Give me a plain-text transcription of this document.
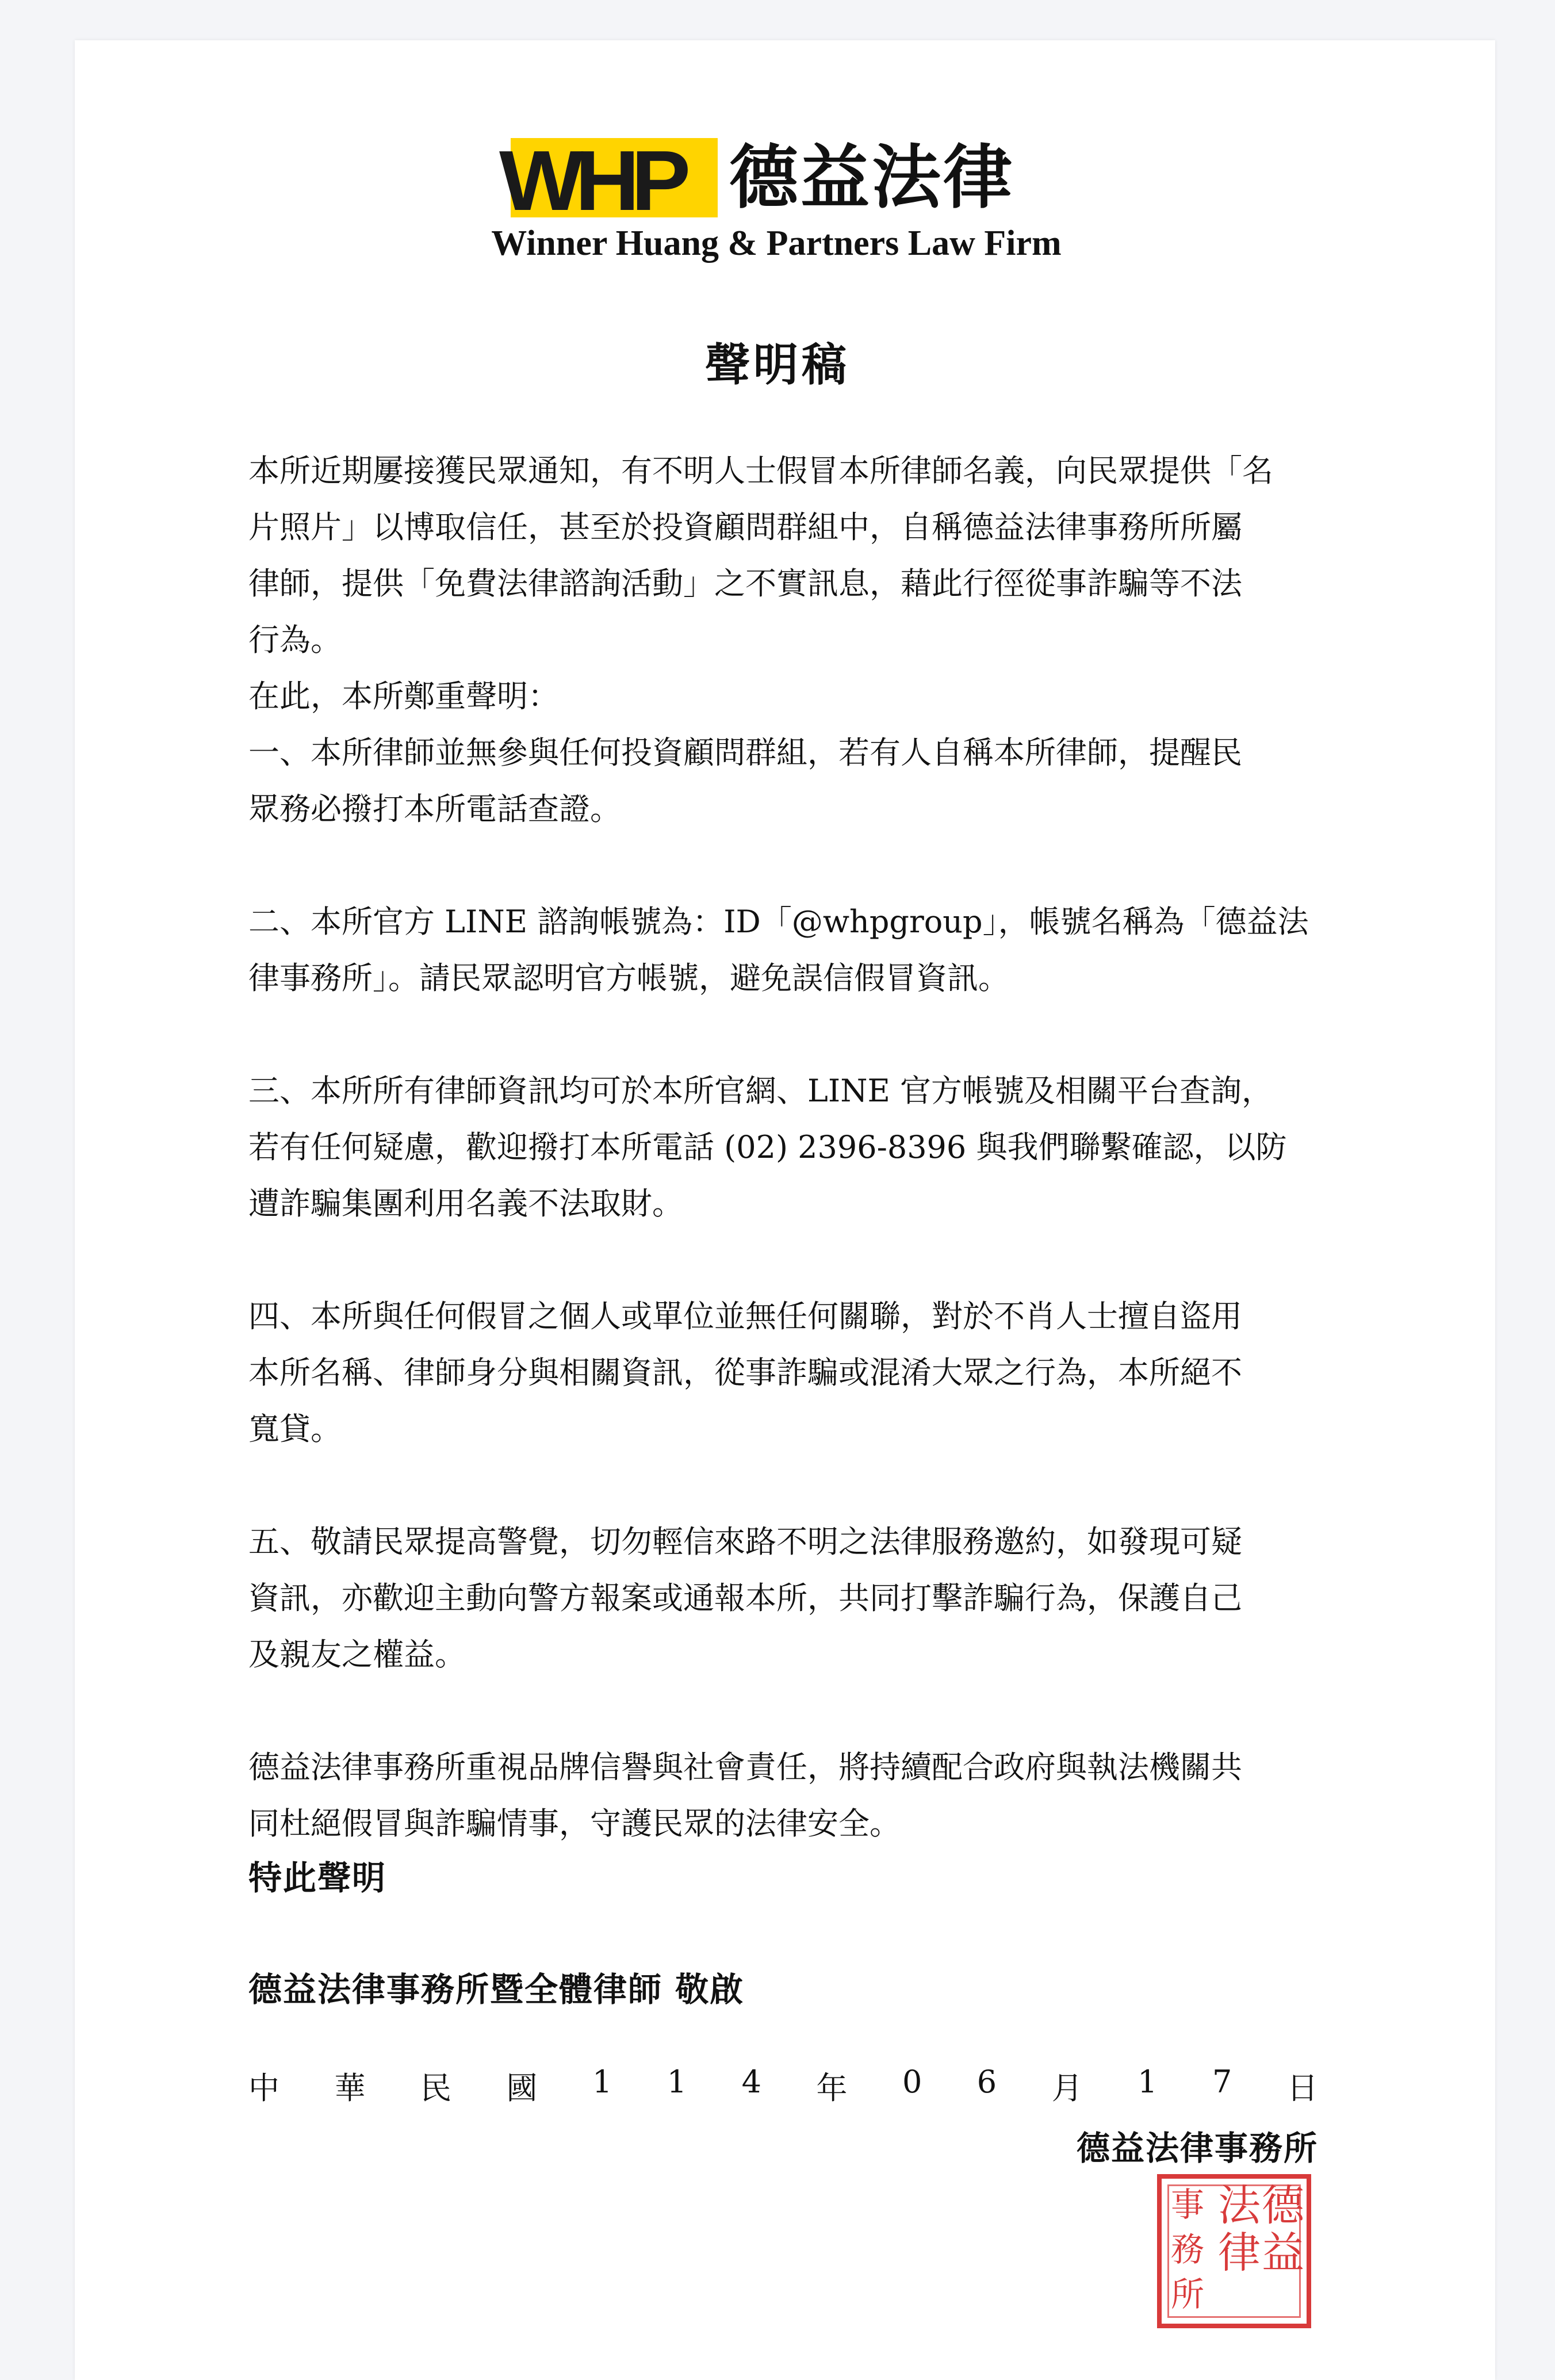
WHP 德益法律
Winner Huang & Partners Law Firm
聲明稿

本所近期屢接獲民眾通知，有不明人士假冒本所律師名義，向民眾提供「名
片照片」以博取信任，甚至於投資顧問群組中，自稱德益法律事務所所屬
律師，提供「免費法律諮詢活動」之不實訊息，藉此行徑從事詐騙等不法
行為。
在此，本所鄭重聲明：

一、本所律師並無參與任何投資顧問群組，若有人自稱本所律師，提醒民
眾務必撥打本所電話查證。

二、本所官方 LINE 諮詢帳號為：ID「@whpgroup」，帳號名稱為「德益法
律事務所」。請民眾認明官方帳號，避免誤信假冒資訊。

三、本所所有律師資訊均可於本所官網、LINE 官方帳號及相關平台查詢，
若有任何疑慮，歡迎撥打本所電話 (02) 2396-8396 與我們聯繫確認，以防
遭詐騙集團利用名義不法取財。

四、本所與任何假冒之個人或單位並無任何關聯，對於不肖人士擅自盜用
本所名稱、律師身分與相關資訊，從事詐騙或混淆大眾之行為，本所絕不
寬貸。

五、敬請民眾提高警覺，切勿輕信來路不明之法律服務邀約，如發現可疑
資訊，亦歡迎主動向警方報案或通報本所，共同打擊詐騙行為，保護自己
及親友之權益。

德益法律事務所重視品牌信譽與社會責任，將持續配合政府與執法機關共
同杜絕假冒與詐騙情事，守護民眾的法律安全。

特此聲明
德益法律事務所暨全體律師 敬啟
中 華 民 國 1 1 4 年 0 6 月 1 7 日
德益法律事務所
德
益
法
律
事
務
所
